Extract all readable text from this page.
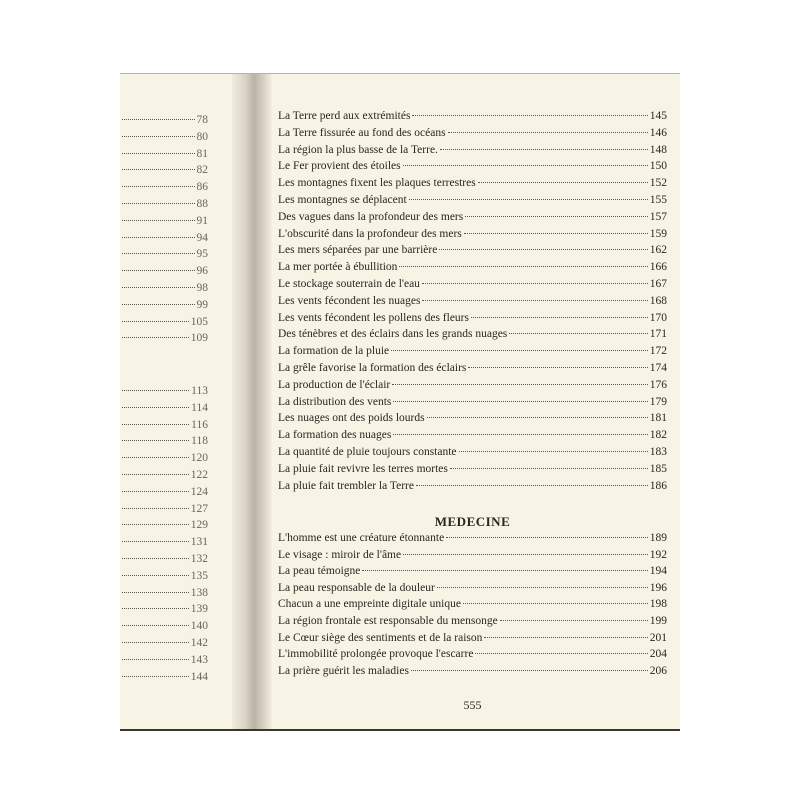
78
80
81
82
86
88
91
94
95
96
98
99
105
109
113
114
116
118
120
122
124
127
129
131
132
135
138
139
140
142
143
144
MEDECINE
555
La Terre perd aux extrémités	145
La Terre fissurée au fond des océans	146
La région la plus basse de la Terre.	148
Le Fer provient des étoiles	150
Les montagnes fixent les plaques terrestres	152
Les montagnes se déplacent	155
Des vagues dans la profondeur des mers	157
L'obscurité dans la profondeur des mers	159
Les mers séparées par une barrière	162
La mer portée à ébullition	166
Le stockage souterrain de l'eau	167
Les vents fécondent les nuages	168
Les vents fécondent les pollens des fleurs	170
Des ténèbres et des éclairs dans les grands nuages	171
La formation de la pluie	172
La grêle favorise la formation des éclairs	174
La production de l'éclair	176
La distribution des vents	179
Les nuages ont des poids lourds	181
La formation des nuages	182
La quantité de pluie toujours constante	183
La pluie fait revivre les terres mortes	185
La pluie fait trembler la Terre	186
L'homme est une créature étonnante	189
Le visage : miroir de l'âme	192
La peau témoigne	194
La peau responsable de la douleur	196
Chacun a une empreinte digitale unique	198
La région frontale est responsable du mensonge	199
Le Cœur siège des sentiments et de la raison	201
L'immobilité prolongée provoque l'escarre	204
La prière guérit les maladies	206
